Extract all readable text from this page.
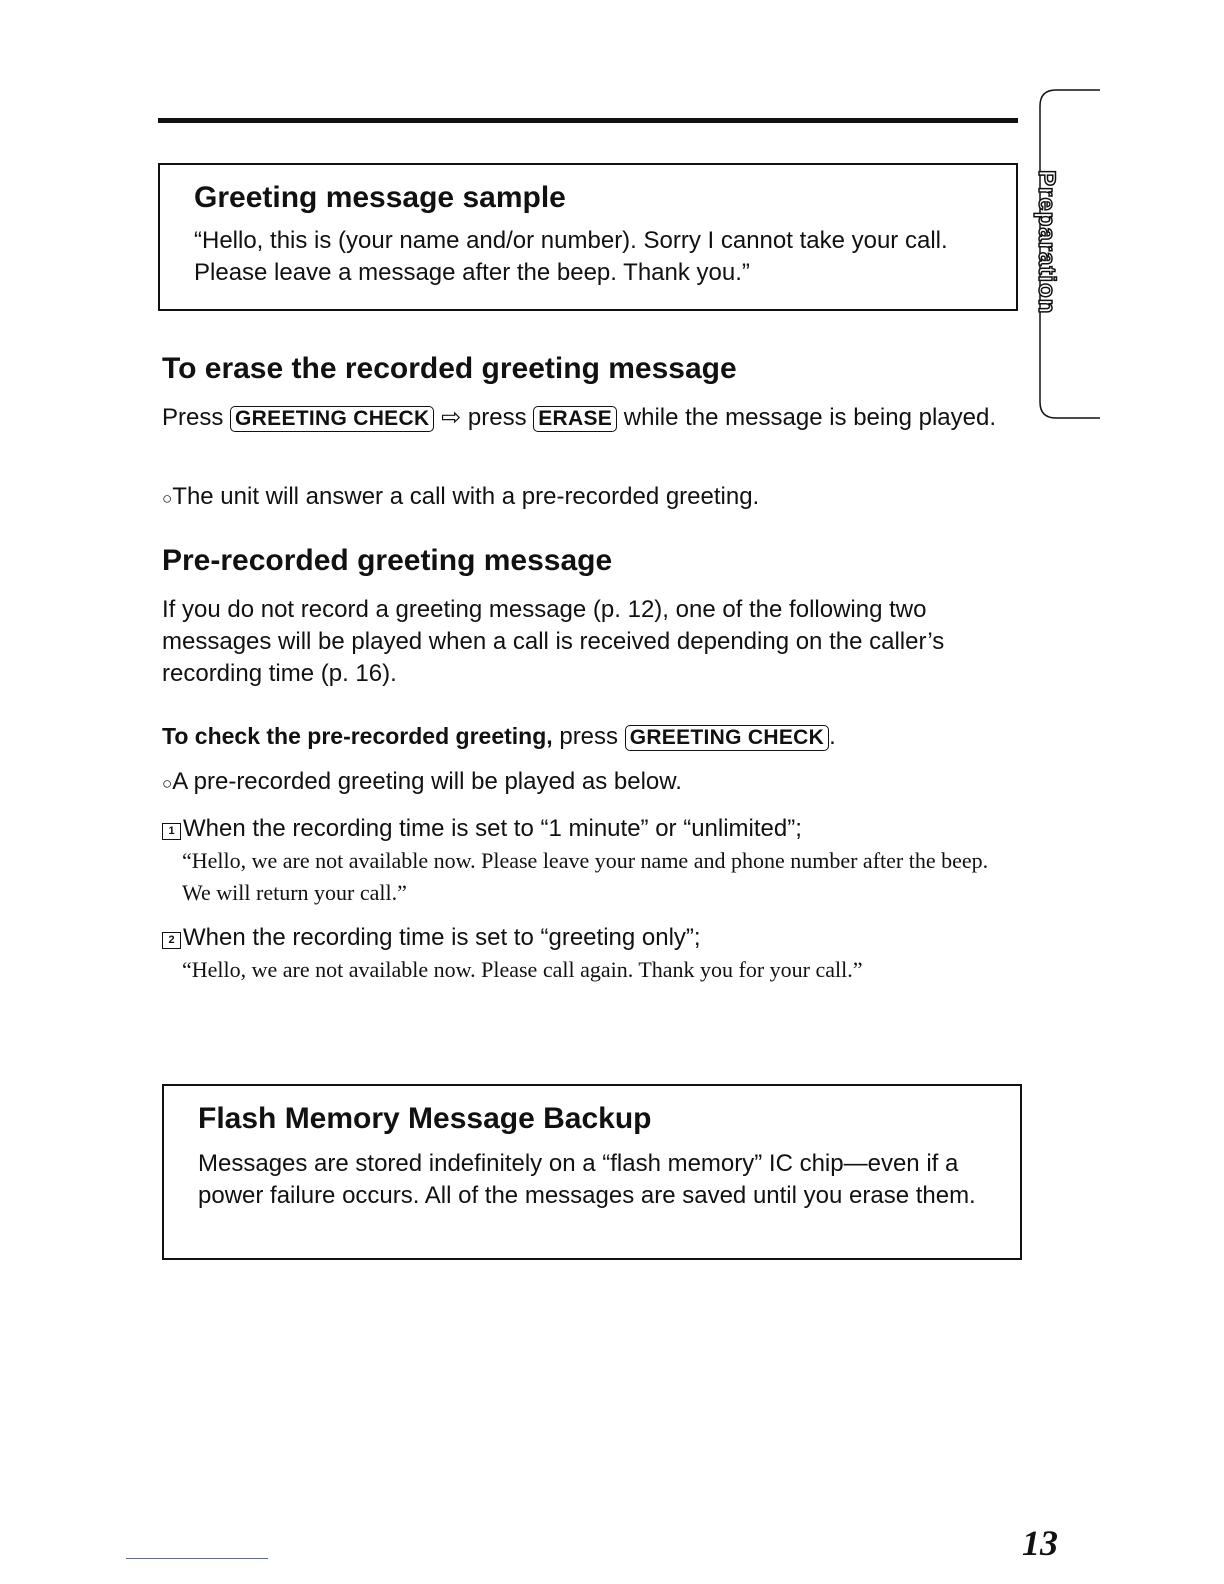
Greeting message sample

“Hello, this is (your name and/or number). Sorry I cannot take your call. Please leave a message after the beep. Thank you.”

To erase the recorded greeting message

Press GREETING CHECK ⇨ press ERASE while the message is being played.

○The unit will answer a call with a pre-recorded greeting.

Pre-recorded greeting message

If you do not record a greeting message (p. 12), one of the following two messages will be played when a call is received depending on the caller’s recording time (p. 16).

To check the pre-recorded greeting, press GREETING CHECK .

○A pre-recorded greeting will be played as below.

1 When the recording time is set to “1 minute” or “unlimited”;

“Hello, we are not available now. Please leave your name and phone number after the beep. We will return your call.”

2 When the recording time is set to “greeting only”;

“Hello, we are not available now. Please call again. Thank you for your call.”

Flash Memory Message Backup

Messages are stored indefinitely on a “flash memory” IC chip—even if a power failure occurs. All of the messages are saved until you erase them.

Preparation
13
